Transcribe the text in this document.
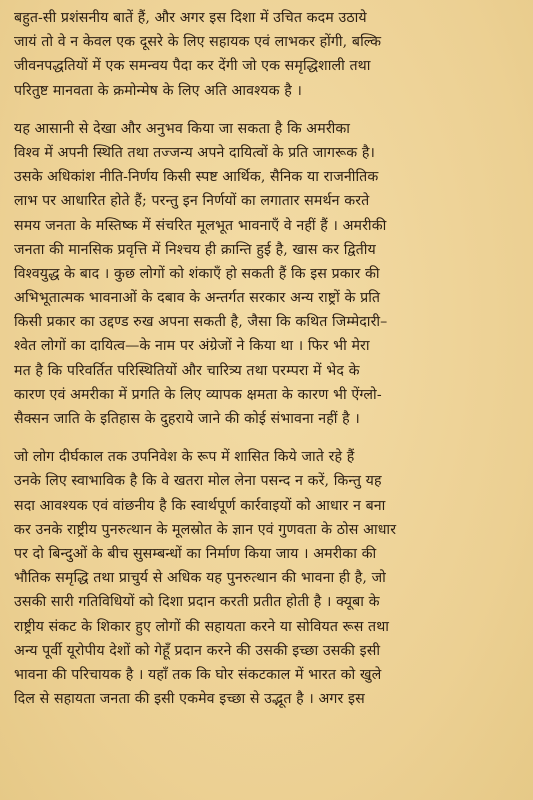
बहुत-सी प्रशंसनीय बातें हैं, और अगर इस दिशा में उचित कदम उठाये
जायं तो वे न केवल एक दूसरे के लिए सहायक एवं लाभकर होंगी, बल्कि
जीवनपद्धतियों में एक समन्वय पैदा कर देंगी जो एक समृद्धिशाली तथा
परितुष्ट मानवता के क्रमोन्मेष के लिए अति आवश्यक है ।
यह आसानी से देखा और अनुभव किया जा सकता है कि अमरीका
विश्व में अपनी स्थिति तथा तज्जन्य अपने दायित्वों के प्रति जागरूक है।
उसके अधिकांश नीति-निर्णय किसी स्पष्ट आर्थिक, सैनिक या राजनीतिक
लाभ पर आधारित होते हैं; परन्तु इन निर्णयों का लगातार समर्थन करते
समय जनता के मस्तिष्क में संचरित मूलभूत भावनाएँ वे नहीं हैं । अमरीकी
जनता की मानसिक प्रवृत्ति में निश्चय ही क्रान्ति हुई है, खास कर द्वितीय
विश्वयुद्ध के बाद । कुछ लोगों को शंकाएँ हो सकती हैं कि इस प्रकार की
अभिभूतात्मक भावनाओं के दबाव के अन्तर्गत सरकार अन्य राष्ट्रों के प्रति
किसी प्रकार का उद्दण्ड रुख अपना सकती है, जैसा कि कथित जिम्मेदारी–
श्वेत लोगों का दायित्व—के नाम पर अंग्रेजों ने किया था । फिर भी मेरा
मत है कि परिवर्तित परिस्थितियों और चारित्र्य तथा परम्परा में भेद के
कारण एवं अमरीका में प्रगति के लिए व्यापक क्षमता के कारण भी ऐंग्लो-
सैक्सन जाति के इतिहास के दुहराये जाने की कोई संभावना नहीं है ।
जो लोग दीर्घकाल तक उपनिवेश के रूप में शासित किये जाते रहे हैं
उनके लिए स्वाभाविक है कि वे खतरा मोल लेना पसन्द न करें, किन्तु यह
सदा आवश्यक एवं वांछनीय है कि स्वार्थपूर्ण कार्रवाइयों को आधार न बना
कर उनके राष्ट्रीय पुनरुत्थान के मूलस्रोत के ज्ञान एवं गुणवता के ठोस आधार
पर दो बिन्दुओं के बीच सुसम्बन्धों का निर्माण किया जाय । अमरीका की
भौतिक समृद्धि तथा प्राचुर्य से अधिक यह पुनरुत्थान की भावना ही है, जो
उसकी सारी गतिविधियों को दिशा प्रदान करती प्रतीत होती है । क्यूबा के
राष्ट्रीय संकट के शिकार हुए लोगों की सहायता करने या सोवियत रूस तथा
अन्य पूर्वी यूरोपीय देशों को गेहूँ प्रदान करने की उसकी इच्छा उसकी इसी
भावना की परिचायक है । यहाँ तक कि घोर संकटकाल में भारत को खुले
दिल से सहायता जनता की इसी एकमेव इच्छा से उद्भूत है । अगर इस
